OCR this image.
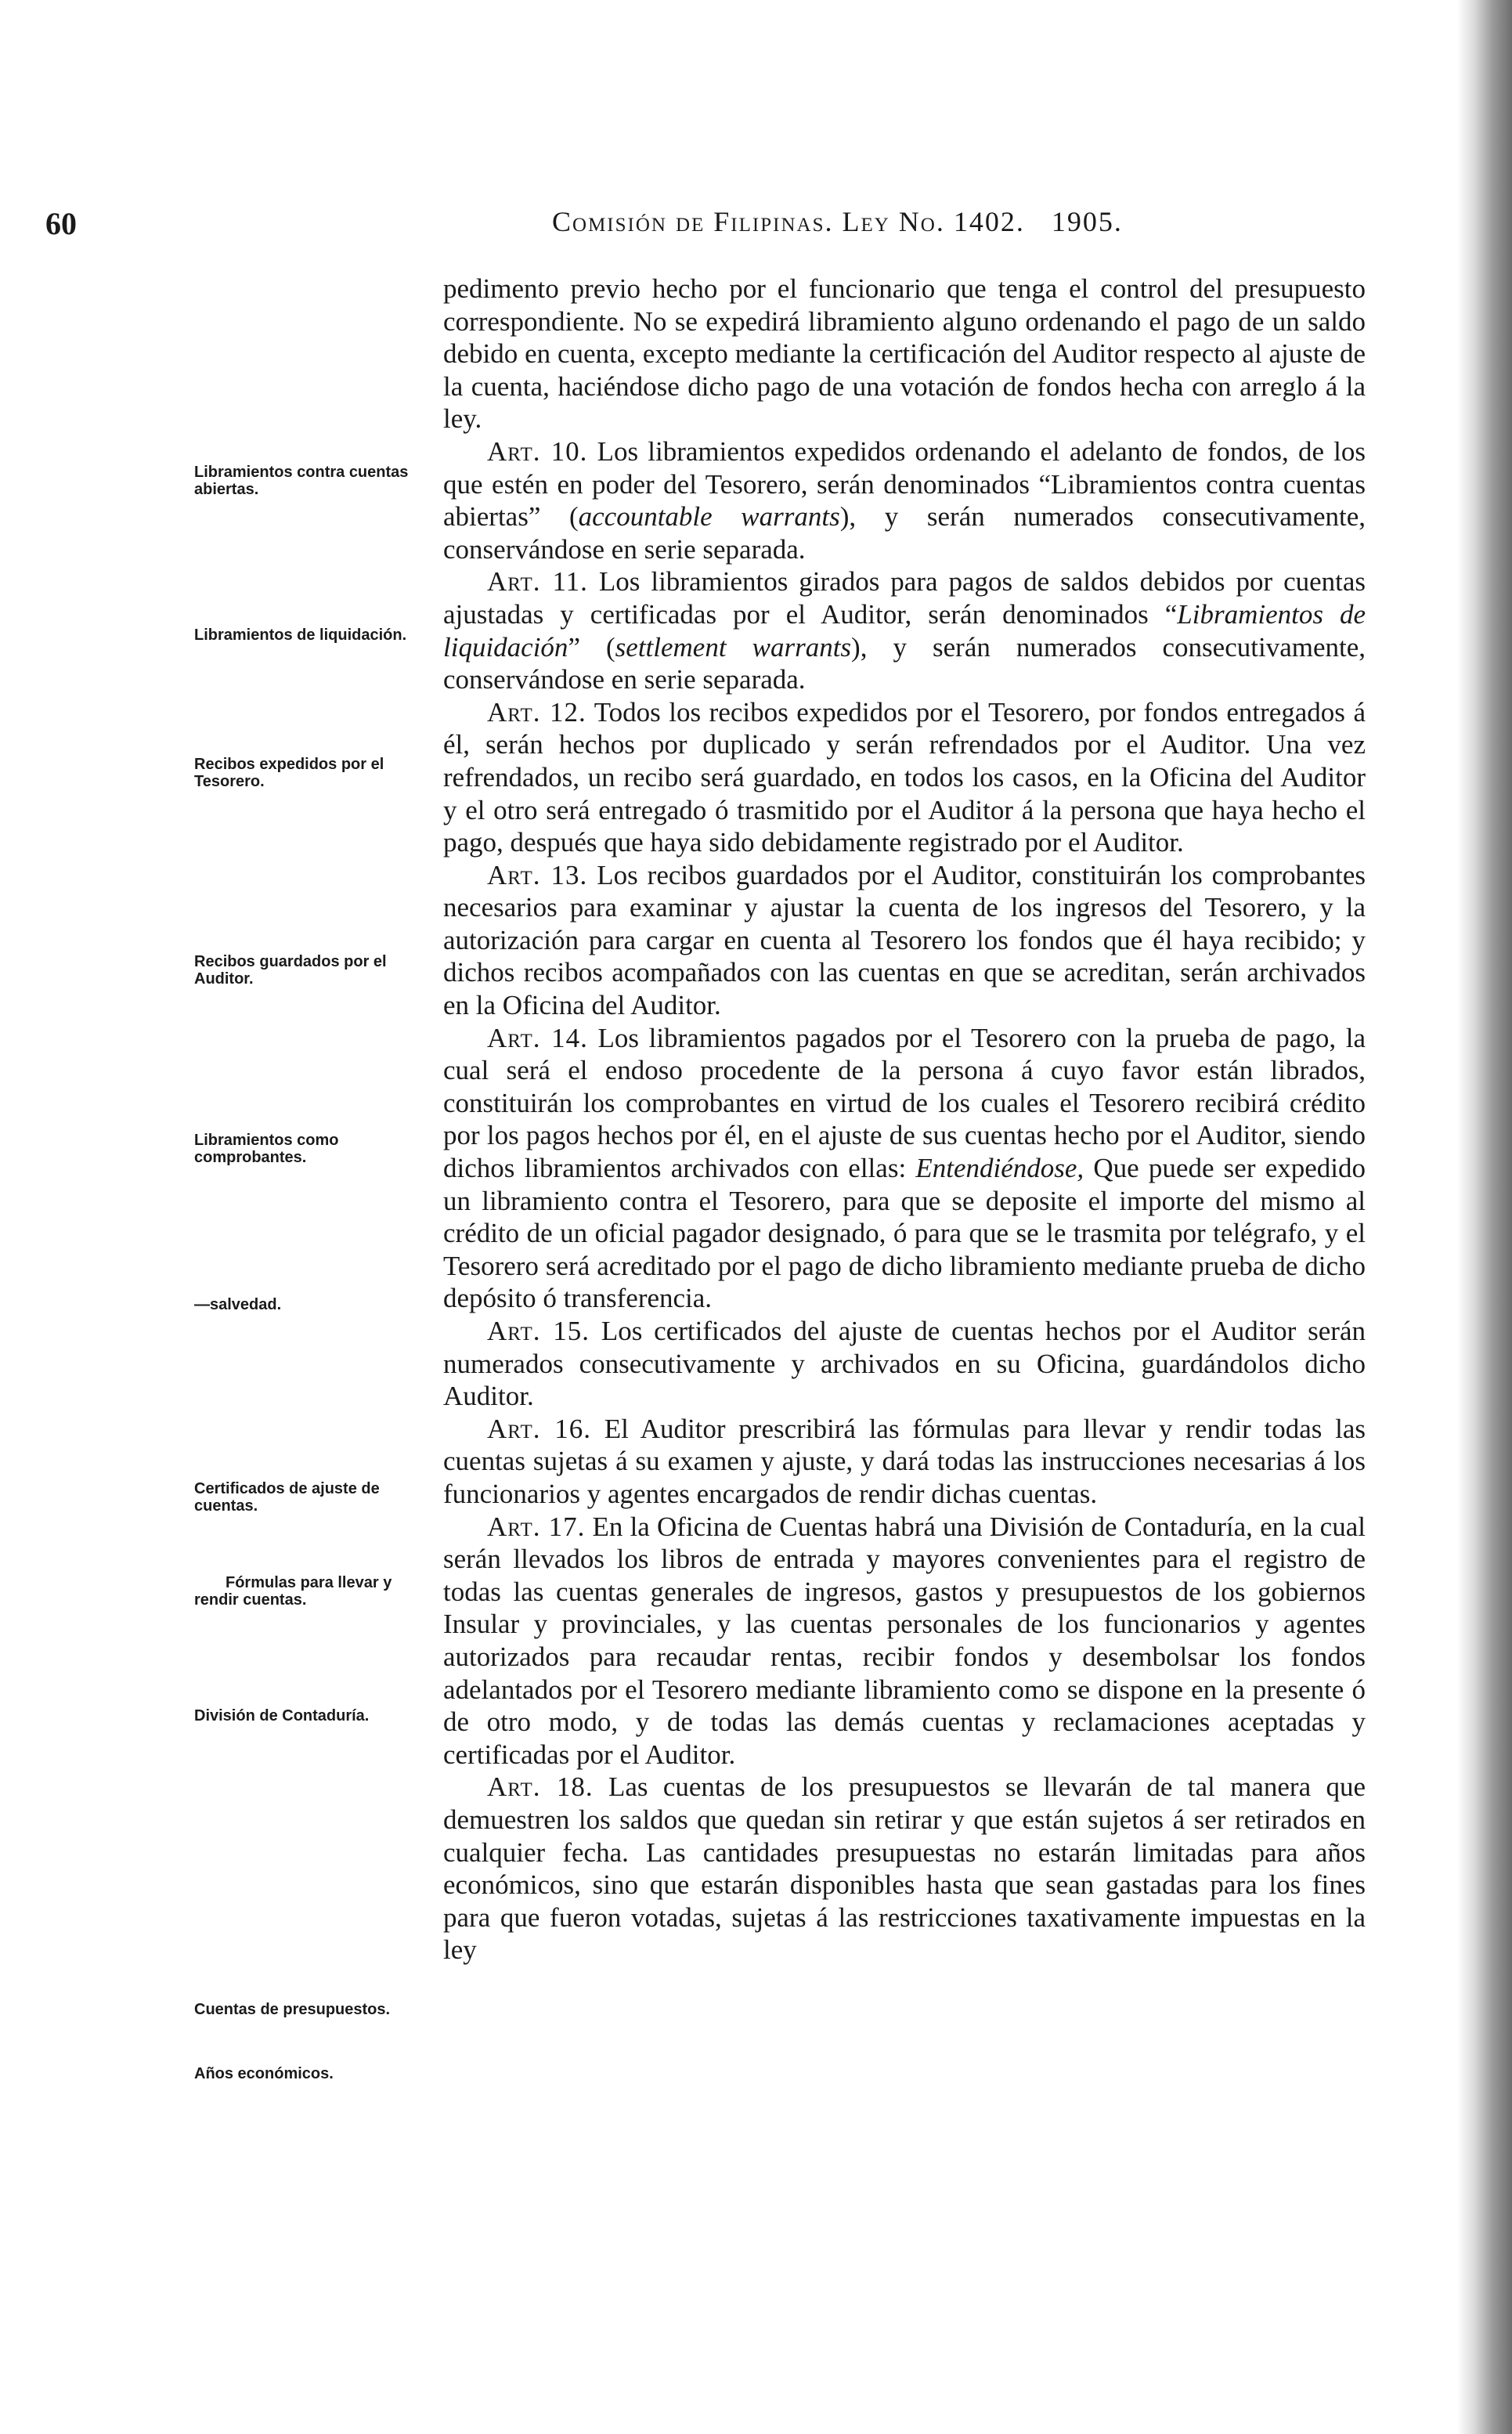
60	Comisión de Filipinas. Ley No. 1402. 1905.

Libramientos contra cuentas abiertas.

Libramientos de liquidación.

Recibos expedidos por el Tesorero.

Recibos guardados por el Auditor.

Libramientos como comprobantes.

—salvedad.

Certificados de ajuste de cuentas.

Fórmulas para llevar y rendir cuentas.

División de Contaduría.

Cuentas de presupuestos.

Años económicos.

pedimento previo hecho por el funcionario que tenga el control del presupuesto correspondiente. No se expedirá libramiento alguno ordenando el pago de un saldo debido en cuenta, excepto mediante la certificación del Auditor respecto al ajuste de la cuenta, haciéndose dicho pago de una votación de fondos hecha con arreglo á la ley.

Art. 10. Los libramientos expedidos ordenando el adelanto de fondos, de los que estén en poder del Tesorero, serán denominados “Libramientos contra cuentas abiertas” (accountable warrants), y serán numerados consecutivamente, conservándose en serie separada.

Art. 11. Los libramientos girados para pagos de saldos debidos por cuentas ajustadas y certificadas por el Auditor, serán denominados “Libramientos de liquidación” (settlement warrants), y serán numerados consecutivamente, conservándose en serie separada.

Art. 12. Todos los recibos expedidos por el Tesorero, por fondos entregados á él, serán hechos por duplicado y serán refrendados por el Auditor. Una vez refrendados, un recibo será guardado, en todos los casos, en la Oficina del Auditor y el otro será entregado ó trasmitido por el Auditor á la persona que haya hecho el pago, después que haya sido debidamente registrado por el Auditor.

Art. 13. Los recibos guardados por el Auditor, constituirán los comprobantes necesarios para examinar y ajustar la cuenta de los ingresos del Tesorero, y la autorización para cargar en cuenta al Tesorero los fondos que él haya recibido; y dichos recibos acompañados con las cuentas en que se acreditan, serán archivados en la Oficina del Auditor.

Art. 14. Los libramientos pagados por el Tesorero con la prueba de pago, la cual será el endoso procedente de la persona á cuyo favor están librados, constituirán los comprobantes en virtud de los cuales el Tesorero recibirá crédito por los pagos hechos por él, en el ajuste de sus cuentas hecho por el Auditor, siendo dichos libramientos archivados con ellas: Entendiéndose, Que puede ser expedido un libramiento contra el Tesorero, para que se deposite el importe del mismo al crédito de un oficial pagador designado, ó para que se le trasmita por telégrafo, y el Tesorero será acreditado por el pago de dicho libramiento mediante prueba de dicho depósito ó transferencia.

Art. 15. Los certificados del ajuste de cuentas hechos por el Auditor serán numerados consecutivamente y archivados en su Oficina, guardándolos dicho Auditor.

Art. 16. El Auditor prescribirá las fórmulas para llevar y rendir todas las cuentas sujetas á su examen y ajuste, y dará todas las instrucciones necesarias á los funcionarios y agentes encargados de rendir dichas cuentas.

Art. 17. En la Oficina de Cuentas habrá una División de Contaduría, en la cual serán llevados los libros de entrada y mayores convenientes para el registro de todas las cuentas generales de ingresos, gastos y presupuestos de los gobiernos Insular y provinciales, y las cuentas personales de los funcionarios y agentes autorizados para recaudar rentas, recibir fondos y desembolsar los fondos adelantados por el Tesorero mediante libramiento como se dispone en la presente ó de otro modo, y de todas las demás cuentas y reclamaciones aceptadas y certificadas por el Auditor.

Art. 18. Las cuentas de los presupuestos se llevarán de tal manera que demuestren los saldos que quedan sin retirar y que están sujetos á ser retirados en cualquier fecha. Las cantidades presupuestas no estarán limitadas para años económicos, sino que estarán disponibles hasta que sean gastadas para los fines para que fueron votadas, sujetas á las restricciones taxativamente impuestas en la ley
